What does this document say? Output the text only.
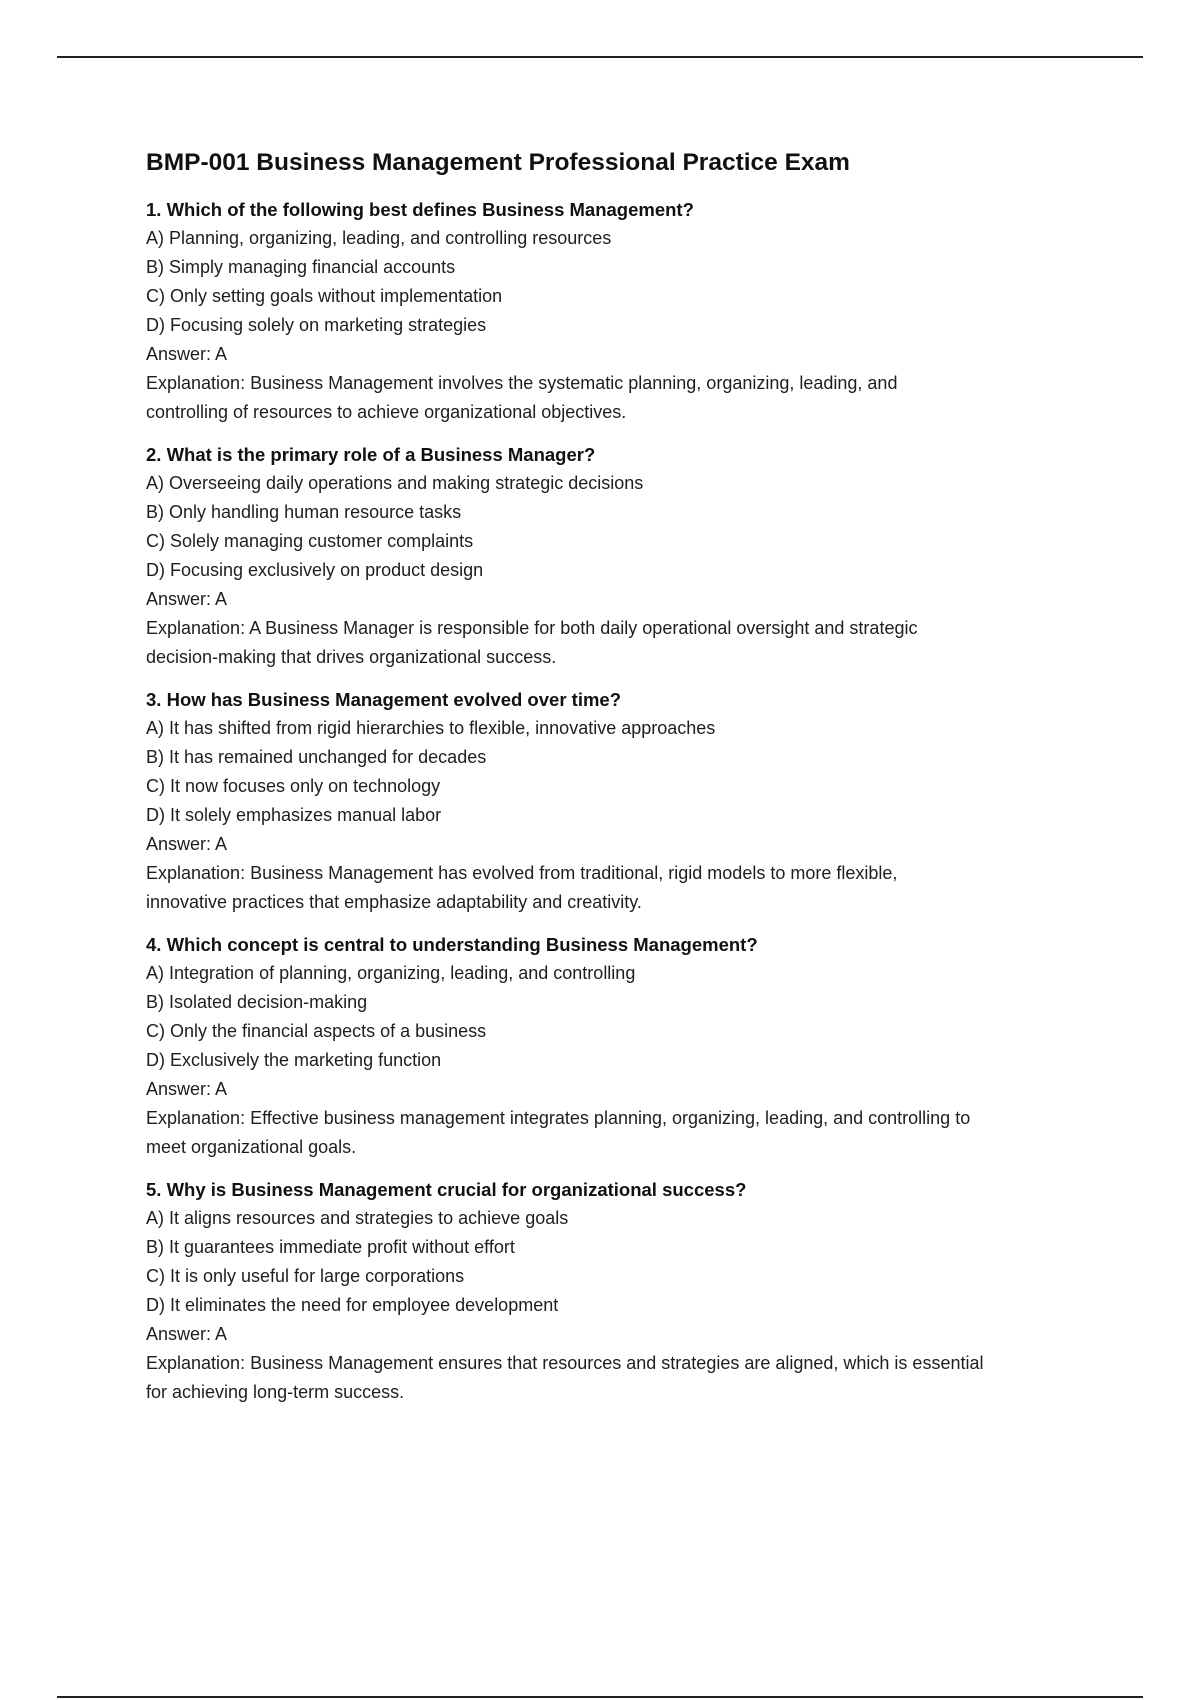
BMP-001 Business Management Professional Practice Exam
1. Which of the following best defines Business Management?
A) Planning, organizing, leading, and controlling resources
B) Simply managing financial accounts
C) Only setting goals without implementation
D) Focusing solely on marketing strategies
Answer: A
Explanation: Business Management involves the systematic planning, organizing, leading, and
controlling of resources to achieve organizational objectives.
2. What is the primary role of a Business Manager?
A) Overseeing daily operations and making strategic decisions
B) Only handling human resource tasks
C) Solely managing customer complaints
D) Focusing exclusively on product design
Answer: A
Explanation: A Business Manager is responsible for both daily operational oversight and strategic
decision-making that drives organizational success.
3. How has Business Management evolved over time?
A) It has shifted from rigid hierarchies to flexible, innovative approaches
B) It has remained unchanged for decades
C) It now focuses only on technology
D) It solely emphasizes manual labor
Answer: A
Explanation: Business Management has evolved from traditional, rigid models to more flexible,
innovative practices that emphasize adaptability and creativity.
4. Which concept is central to understanding Business Management?
A) Integration of planning, organizing, leading, and controlling
B) Isolated decision-making
C) Only the financial aspects of a business
D) Exclusively the marketing function
Answer: A
Explanation: Effective business management integrates planning, organizing, leading, and controlling to
meet organizational goals.
5. Why is Business Management crucial for organizational success?
A) It aligns resources and strategies to achieve goals
B) It guarantees immediate profit without effort
C) It is only useful for large corporations
D) It eliminates the need for employee development
Answer: A
Explanation: Business Management ensures that resources and strategies are aligned, which is essential
for achieving long-term success.
